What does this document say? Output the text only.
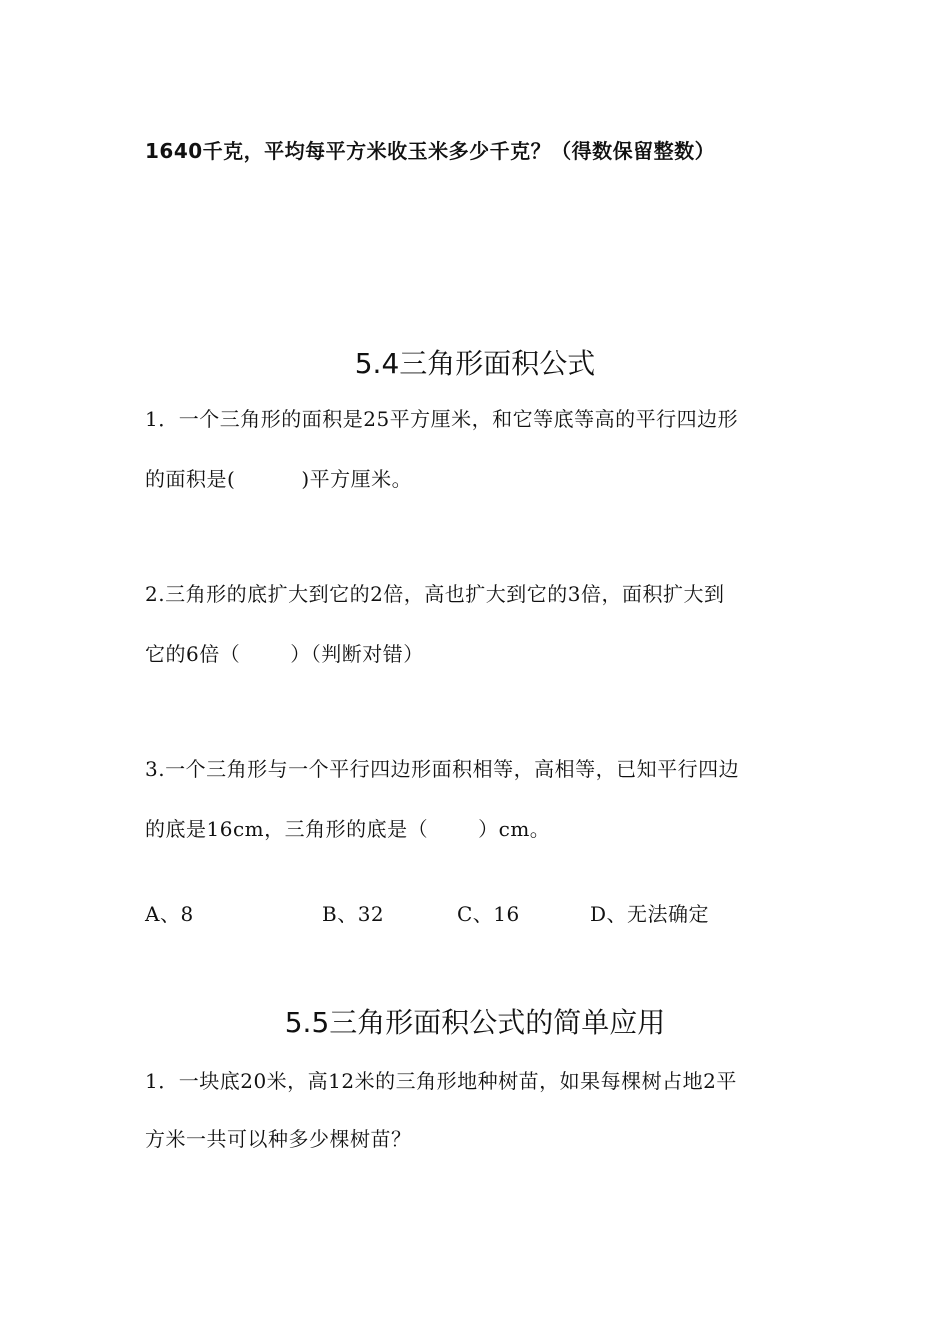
1640千克，平均每平方米收玉米多少千克？（得数保留整数）

5.4三角形面积公式

1．一个三角形的面积是25平方厘米，和它等底等高的平行四边形

的面积是(	)平方厘米。

2.三角形的底扩大到它的2倍，高也扩大到它的3倍，面积扩大到

它的6倍（	）（判断对错）

3.一个三角形与一个平行四边形面积相等，高相等，已知平行四边

的底是16cm，三角形的底是（	）cm。

A、8	B、32	C、16	D、无法确定
5.5三角形面积公式的简单应用

1．一块底20米，高12米的三角形地种树苗，如果每棵树占地2平

方米一共可以种多少棵树苗？
